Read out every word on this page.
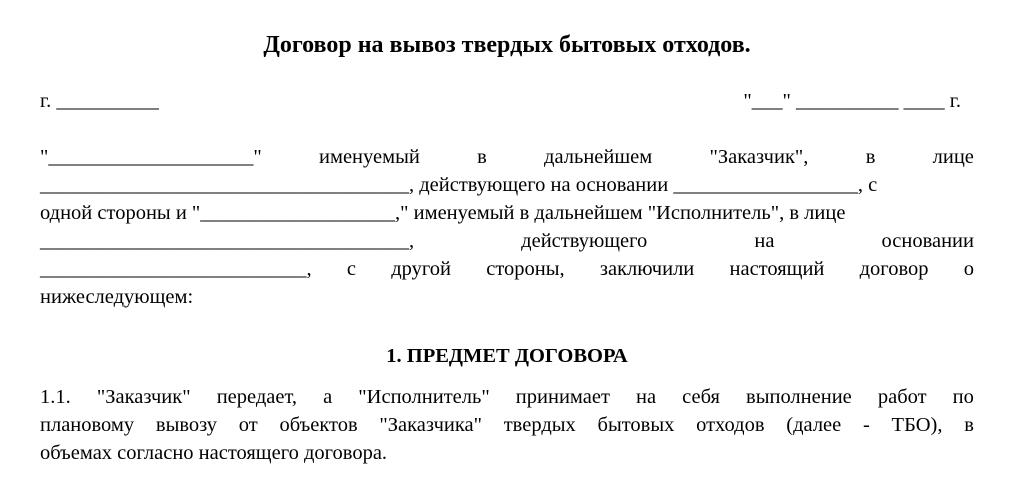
Договор на вывоз твердых бытовых отходов.
г. __________	"___" __________ ____ г.
"____________________"	именуемый	в	дальнейшем	"Заказчик",	в	лице
____________________________________, действующего на основании __________________, с
одной стороны и "___________________," именуемый в дальнейшем "Исполнитель", в лице
____________________________________,	действующего	на	основании
__________________________, с другой стороны, заключили настоящий договор о
нижеследующем:
1. ПРЕДМЕТ ДОГОВОРА
1.1. "Заказчик" передает, а "Исполнитель" принимает на себя выполнение работ по
плановому вывозу от объектов "Заказчика" твердых бытовых отходов (далее - ТБО), в
объемах согласно настоящего договора.
